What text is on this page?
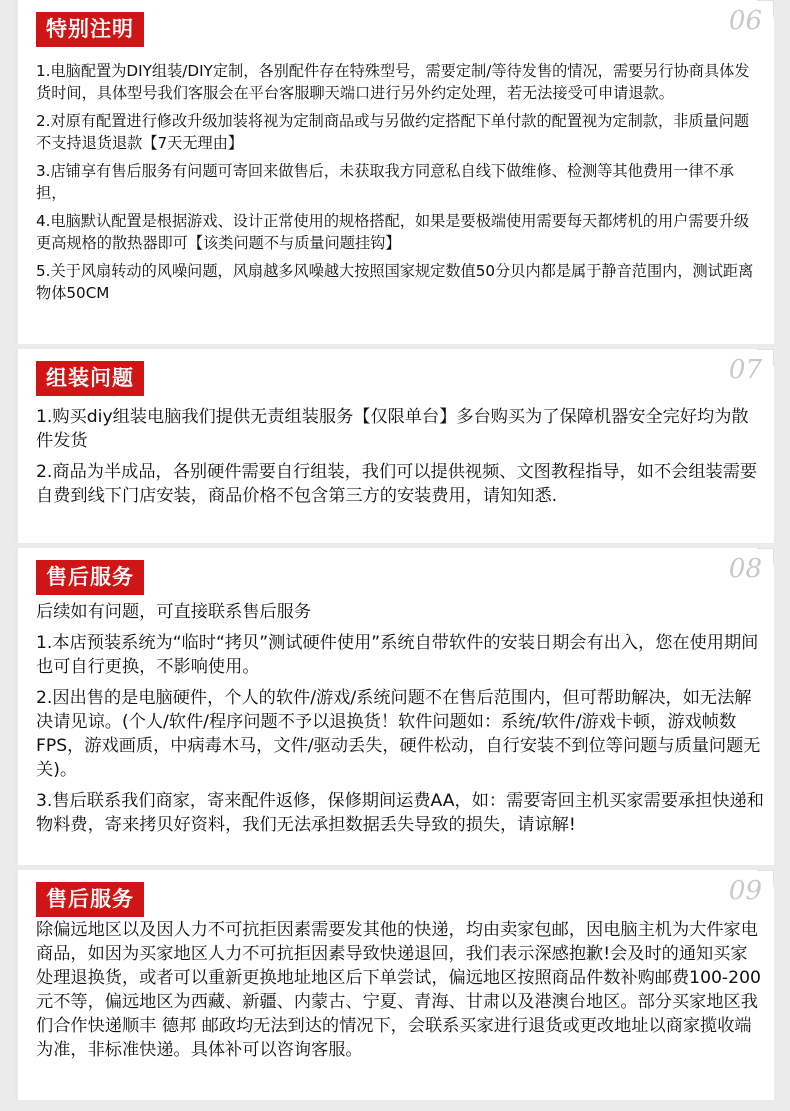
特别注明	06

1.电脑配置为DIY组装/DIY定制，各别配件存在特殊型号，需要定制/等待发售的情况，需要另行协商具体发货时间，具体型号我们客服会在平台客服聊天端口进行另外约定处理，若无法接受可申请退款。

2.对原有配置进行修改升级加装将视为定制商品或与另做约定搭配下单付款的配置视为定制款，非质量问题不支持退货退款【7天无理由】

3.店铺享有售后服务有问题可寄回来做售后，未获取我方同意私自线下做维修、检测等其他费用一律不承担，

4.电脑默认配置是根据游戏、设计正常使用的规格搭配，如果是要极端使用需要每天都烤机的用户需要升级更高规格的散热器即可【该类问题不与质量问题挂钩】

5.关于风扇转动的风噪问题，风扇越多风噪越大按照国家规定数值50分贝内都是属于静音范围内，测试距离物体50CM

组装问题	07

1.购买diy组装电脑我们提供无责组装服务【仅限单台】多台购买为了保障机器安全完好均为散件发货

2.商品为半成品，各别硬件需要自行组装，我们可以提供视频、文图教程指导，如不会组装需要自费到线下门店安装，商品价格不包含第三方的安装费用，请知知悉.

售后服务	08

后续如有问题，可直接联系售后服务

1.本店预装系统为“临时“拷贝”测试硬件使用”系统自带软件的安装日期会有出入，您在使用期间也可自行更换，不影响使用。

2.因出售的是电脑硬件，个人的软件/游戏/系统问题不在售后范围内，但可帮助解决，如无法解决请见谅。(个人/软件/程序问题不予以退换货！软件问题如：系统/软件/游戏卡顿，游戏帧数FPS，游戏画质，中病毒木马，文件/驱动丢失，硬件松动，自行安装不到位等问题与质量问题无关)。

3.售后联系我们商家，寄来配件返修，保修期间运费AA，如：需要寄回主机买家需要承担快递和物料费，寄来拷贝好资料，我们无法承担数据丢失导致的损失，请谅解!

售后服务	09

除偏远地区以及因人力不可抗拒因素需要发其他的快递，均由卖家包邮，因电脑主机为大件家电商品，如因为买家地区人力不可抗拒因素导致快递退回，我们表示深感抱歉!会及时的通知买家处理退换货，或者可以重新更换地址地区后下单尝试，偏远地区按照商品件数补购邮费100-200元不等，偏远地区为西藏、新疆、内蒙古、宁夏、青海、甘肃以及港澳台地区。部分买家地区我们合作快递顺丰 德邦 邮政均无法到达的情况下，会联系买家进行退货或更改地址以商家揽收端为准，非标准快递。具体补可以咨询客服。
